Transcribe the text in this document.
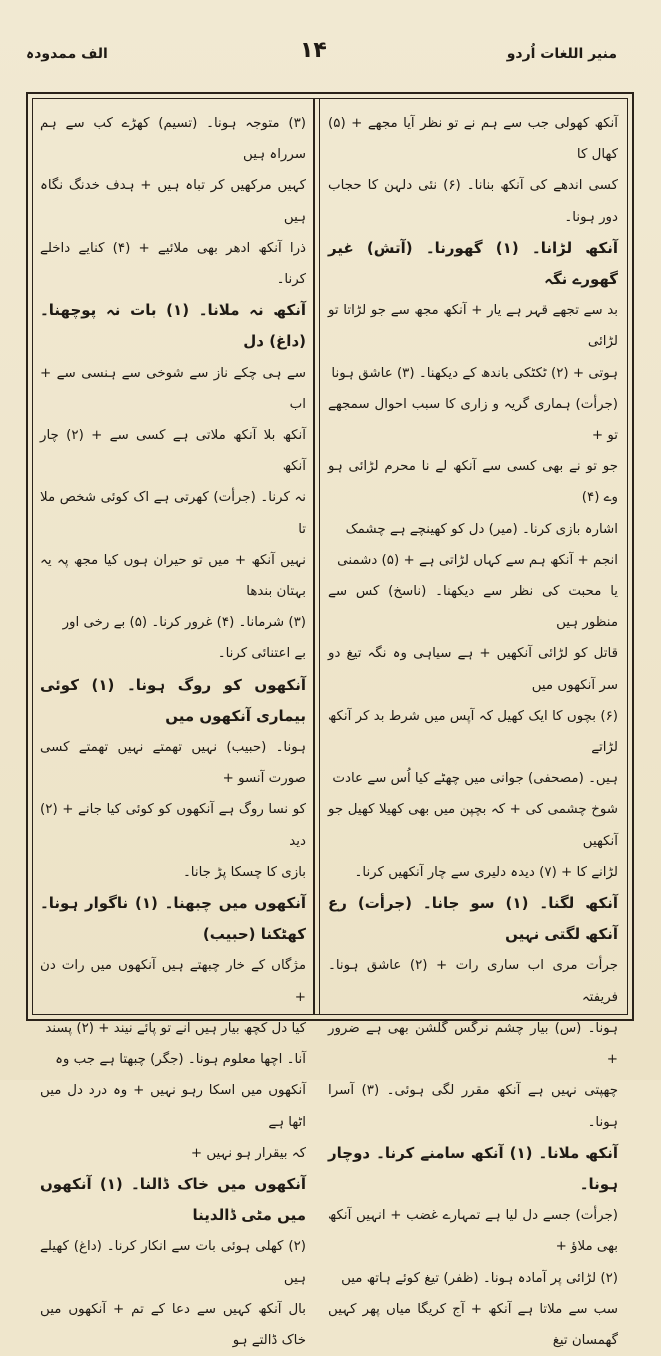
منیر اللغات اُردو
۱۴
الف ممدودہ

آنکھ کھولی جب سے ہم نے تو نظر آیا مجھے + (۵) کھال کا

کسی اندھے کی آنکھ بنانا۔ (۶) نئی دلہن کا حجاب دور ہونا۔

آنکھ لڑانا۔ (۱) گھورنا۔ (آتش) غیر گھورے نگہ

بد سے تجھے قہر ہے یار + آنکھ مجھ سے جو لڑاتا تو لڑائی

ہوتی + (۲) ٹکٹکی باندھ کے دیکھنا۔ (۳) عاشق ہونا

(جرأت) ہماری گریہ و زاری کا سبب احوال سمجھے تو +

جو تو نے بھی کسی سے آنکھ لے نا محرم لڑائی ہو وے (۴)

اشارہ بازی کرنا۔ (میر) دل کو کھینچے ہے چشمک

انجم + آنکھ ہم سے کہاں لڑاتی ہے + (۵) دشمنی

یا محبت کی نظر سے دیکھنا۔ (ناسخ) کس سے منظور ہیں

قاتل کو لڑائی آنکھیں + ہے سیاہی وہ نگہ تیغ دو سر آنکھوں میں

(۶) بچوں کا ایک کھیل کہ آپس میں شرط بد کر آنکھ لڑاتے

ہیں۔ (مصحفی) جوانی میں چھٹے کیا اُس سے عادت

شوخ چشمی کی + کہ بچپن میں بھی کھیلا کھیل جو آنکھیں

لڑانے کا + (۷) دیدہ دلیری سے چار آنکھیں کرنا۔

آنکھ لگنا۔ (۱) سو جانا۔ (جرأت) رع آنکھ لگتی نہیں

جرأت مری اب ساری رات + (۲) عاشق ہونا۔ فریفتہ

ہونا۔ (س) بیار چشم نرگس گلشن بھی ہے ضرور +

چھپتی نہیں ہے آنکھ مقرر لگی ہوئی۔ (۳) آسرا ہونا۔

آنکھ ملانا۔ (۱) آنکھ سامنے کرنا۔ دوچار ہونا۔

(جرأت) جسے دل لیا ہے تمہارے غضب + انہیں آنکھ بھی ملاؤ +

(۲) لڑائی پر آمادہ ہونا۔ (ظفر) تیغ کوئے ہاتھ میں

سب سے ملاتا ہے آنکھ + آج کریگا میاں پھر کہیں گھمسان تیغ

(۳) متوجہ ہونا۔ (تسیم) کھڑے کب سے ہم سرراہ ہیں

کہیں مرکھیں کر تباہ ہیں + ہدف خدنگ نگاہ ہیں

ذرا آنکھ ادھر بھی ملائیے + (۴) کنایے داخلے کرنا۔

آنکھ نہ ملانا۔ (۱) بات نہ پوچھنا۔ (داغ) دل

سے ہی چکے ناز سے شوخی سے ہنسی سے + اب

آنکھ بلا آنکھ ملاتی ہے کسی سے + (۲) چار آنکھ

نہ کرنا۔ (جرأت) کھرتی ہے اک کوئی شخص ملا تا

نہیں آنکھ + میں تو حیران ہوں کیا مجھ پہ یہ بہتان بندھا

(۳) شرمانا۔ (۴) غرور کرنا۔ (۵) بے رخی اور

بے اعتنائی کرنا۔

آنکھوں کو روگ ہونا۔ (۱) کوئی بیماری آنکھوں میں

ہونا۔ (حبیب) نہیں تھمتے نہیں تھمتے کسی صورت آنسو +

کو نسا روگ ہے آنکھوں کو کوئی کیا جانے + (۲) دید

بازی کا چسکا پڑ جانا۔

آنکھوں میں چبھنا۔ (۱) ناگوار ہونا۔ کھٹکنا (حبیب)

مژگاں کے خار چبھتے ہیں آنکھوں میں رات دن +

کیا دل کچھ بیار ہیں آنے تو پائے نیند + (۲) پسند

آنا۔ اچھا معلوم ہونا۔ (جگر) چبھتا ہے جب وہ

آنکھوں میں اسکا رہو نہیں + وہ درد دل میں اٹھا ہے

کہ بیقرار ہو نہیں +

آنکھوں میں خاک ڈالنا۔ (۱) آنکھوں میں مٹی ڈالدینا

(۲) کھلی ہوئی بات سے انکار کرنا۔ (داغ) کھیلے ہیں

بال آنکھ کہیں سے دعا کے تم + آنکھوں میں خاک ڈالتے ہو
